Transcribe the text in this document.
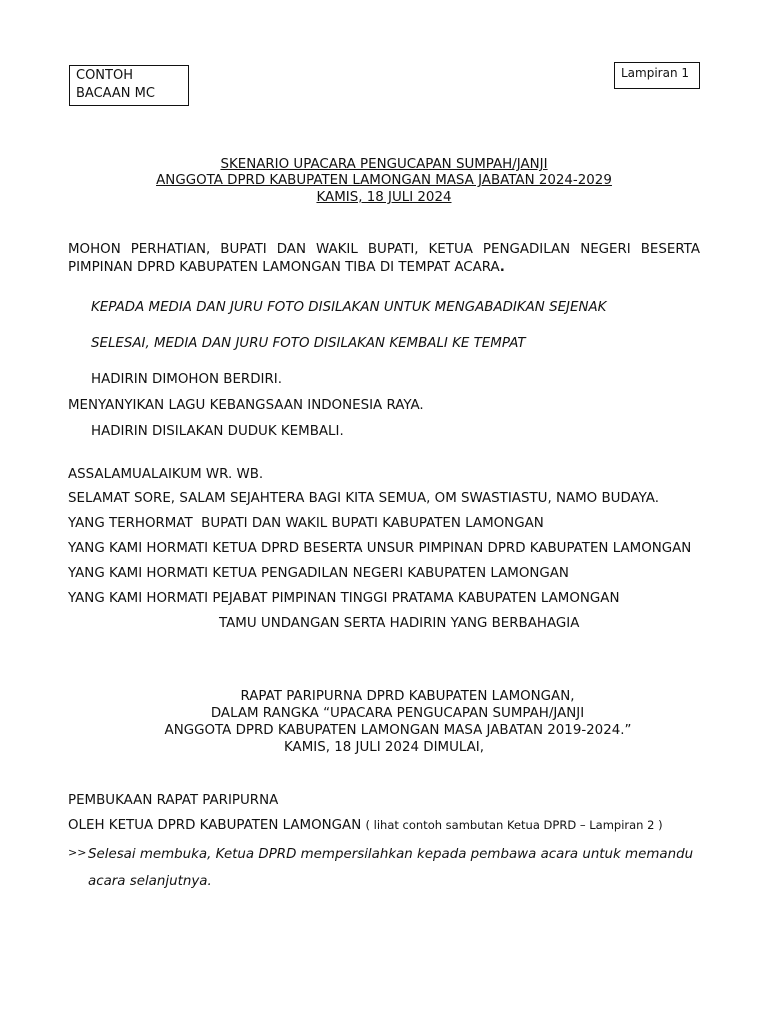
CONTOH
BACAAN MC
Lampiran 1
SKENARIO UPACARA PENGUCAPAN SUMPAH/JANJI
ANGGOTA DPRD KABUPATEN LAMONGAN MASA JABATAN 2024-2029
KAMIS, 18 JULI 2024
MOHON PERHATIAN, BUPATI DAN WAKIL BUPATI, KETUA PENGADILAN NEGERI BESERTA PIMPINAN DPRD KABUPATEN LAMONGAN TIBA DI TEMPAT ACARA.
KEPADA MEDIA DAN JURU FOTO DISILAKAN UNTUK MENGABADIKAN SEJENAK
SELESAI, MEDIA DAN JURU FOTO DISILAKAN KEMBALI KE TEMPAT
HADIRIN DIMOHON BERDIRI.
MENYANYIKAN LAGU KEBANGSAAN INDONESIA RAYA.
HADIRIN DISILAKAN DUDUK KEMBALI.
ASSALAMUALAIKUM WR. WB.
SELAMAT SORE, SALAM SEJAHTERA BAGI KITA SEMUA, OM SWASTIASTU, NAMO BUDAYA.
YANG TERHORMAT  BUPATI DAN WAKIL BUPATI KABUPATEN LAMONGAN
YANG KAMI HORMATI KETUA DPRD BESERTA UNSUR PIMPINAN DPRD KABUPATEN LAMONGAN
YANG KAMI HORMATI KETUA PENGADILAN NEGERI KABUPATEN LAMONGAN
YANG KAMI HORMATI PEJABAT PIMPINAN TINGGI PRATAMA KABUPATEN LAMONGAN
TAMU UNDANGAN SERTA HADIRIN YANG BERBAHAGIA
RAPAT PARIPURNA DPRD KABUPATEN LAMONGAN,
DALAM RANGKA “UPACARA PENGUCAPAN SUMPAH/JANJI
ANGGOTA DPRD KABUPATEN LAMONGAN MASA JABATAN 2019-2024.”
KAMIS, 18 JULI 2024 DIMULAI,
PEMBUKAAN RAPAT PARIPURNA
OLEH KETUA DPRD KABUPATEN LAMONGAN ( lihat contoh sambutan Ketua DPRD – Lampiran 2 )
>> Selesai membuka, Ketua DPRD mempersilahkan kepada pembawa acara untuk memandu acara selanjutnya.
